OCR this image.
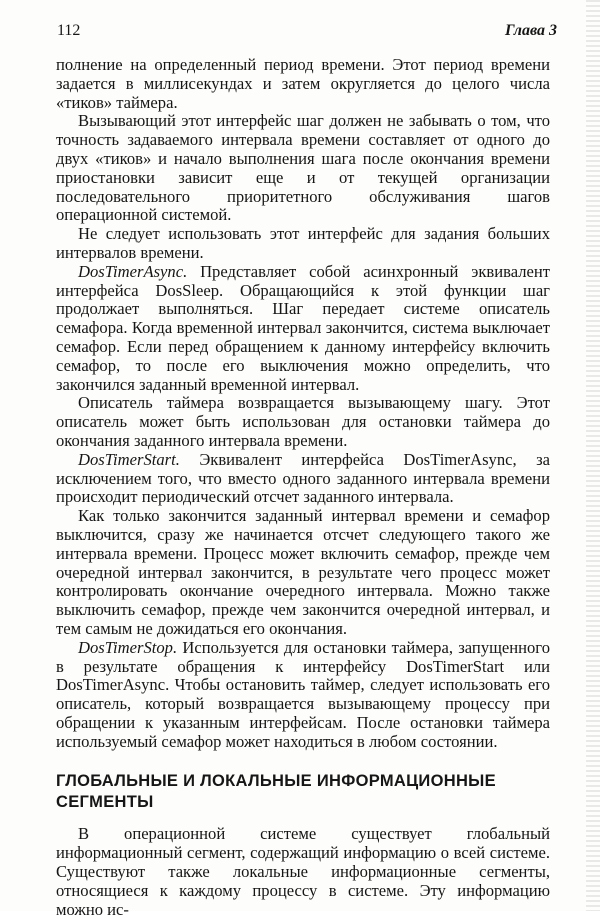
112	Глава 3

полнение на определенный период времени. Этот период времени задается в миллисекундах и затем округляется до целого числа «тиков» таймера.

Вызывающий этот интерфейс шаг должен не забывать о том, что точность задаваемого интервала времени составляет от одного до двух «тиков» и начало выполнения шага после окончания времени приостановки зависит еще и от текущей организации последовательного приоритетного обслуживания шагов операционной системой.

Не следует использовать этот интерфейс для задания больших интервалов времени.

DosTimerAsync. Представляет собой асинхронный эквивалент интерфейса DosSleep. Обращающийся к этой функции шаг продолжает выполняться. Шаг передает системе описатель семафора. Когда временной интервал закончится, система выключает семафор. Если перед обращением к данному интерфейсу включить семафор, то после его выключения можно определить, что закончился заданный временной интервал.

Описатель таймера возвращается вызывающему шагу. Этот описатель может быть использован для остановки таймера до окончания заданного интервала времени.

DosTimerStart. Эквивалент интерфейса DosTimerAsync, за исключением того, что вместо одного заданного интервала времени происходит периодический отсчет заданного интервала.

Как только закончится заданный интервал времени и семафор выключится, сразу же начинается отсчет следующего такого же интервала времени. Процесс может включить семафор, прежде чем очередной интервал закончится, в результате чего процесс может контролировать окончание очередного интервала. Можно также выключить семафор, прежде чем закончится очередной интервал, и тем самым не дожидаться его окончания.

DosTimerStop. Используется для остановки таймера, запущенного в результате обращения к интерфейсу DosTimerStart или DosTimerAsync. Чтобы остановить таймер, следует использовать его описатель, который возвращается вызывающему процессу при обращении к указанным интерфейсам. После остановки таймера используемый семафор может находиться в любом состоянии.

ГЛОБАЛЬНЫЕ И ЛОКАЛЬНЫЕ ИНФОРМАЦИОННЫЕ СЕГМЕНТЫ

В операционной системе существует глобальный информационный сегмент, содержащий информацию о всей системе. Существуют также локальные информационные сегменты, относящиеся к каждому процессу в системе. Эту информацию можно ис-
